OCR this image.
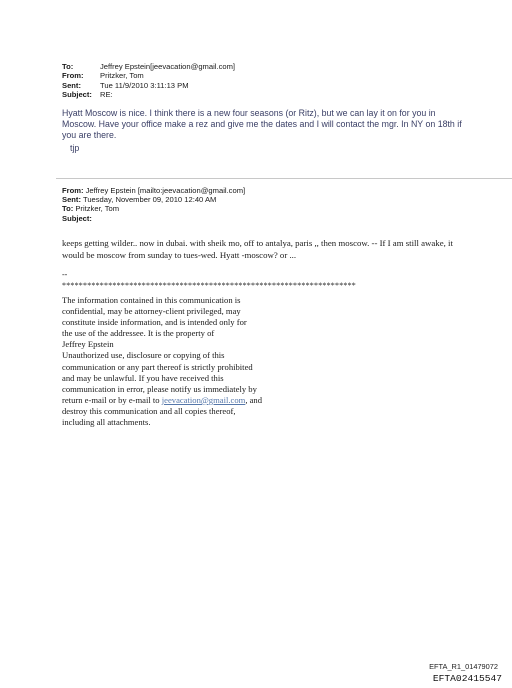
To:	Jeffrey Epstein[jeevacation@gmail.com]
From:	Pritzker, Tom
Sent:	Tue 11/9/2010 3:11:13 PM
Subject:	RE:
Hyatt Moscow is nice. I think there is a new four seasons (or Ritz), but we can lay it on for you in Moscow. Have your office make a rez and give me the dates and I will contact the mgr. In NY on 18th if you are there.
tjp
From: Jeffrey Epstein [mailto:jeevacation@gmail.com]
Sent: Tuesday, November 09, 2010 12:40 AM
To: Pritzker, Tom
Subject:
keeps getting wilder.. now in dubai. with sheik mo, off to antalya, paris ,, then moscow. -- If I am still awake, it would be moscow from sunday to tues-wed. Hyatt -moscow? or ...
--
**********************************************************************
The information contained in this communication is
confidential, may be attorney-client privileged, may
constitute inside information, and is intended only for
the use of the addressee. It is the property of
Jeffrey Epstein
Unauthorized use, disclosure or copying of this
communication or any part thereof is strictly prohibited
and may be unlawful. If you have received this
communication in error, please notify us immediately by
return e-mail or by e-mail to jeevacation@gmail.com, and
destroy this communication and all copies thereof,
including all attachments.
EFTA_R1_01479072
EFTA02415547
